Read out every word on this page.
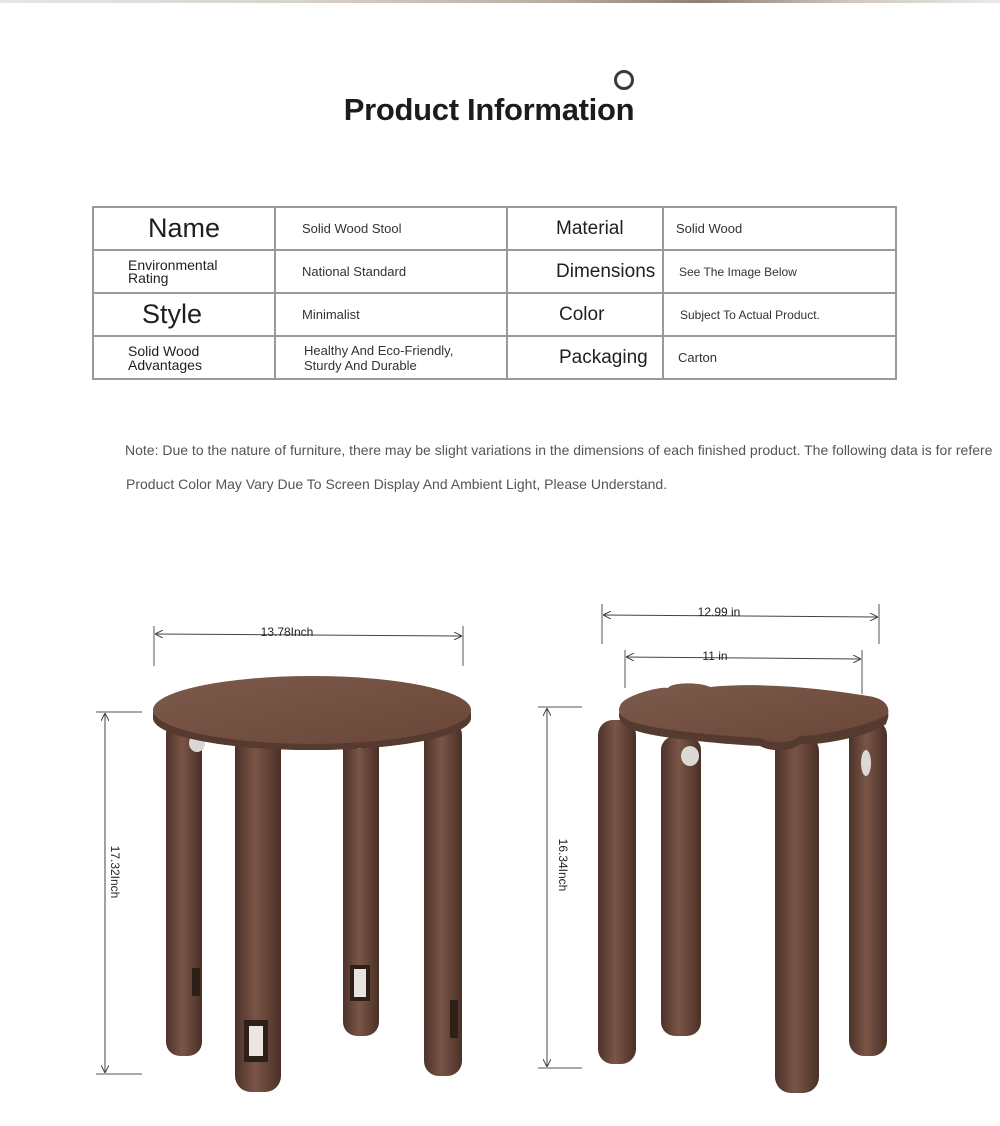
Product Information
Name	Solid Wood Stool	Material	Solid Wood
Environmental Rating	National Standard	Dimensions	See The Image Below
Style	Minimalist	Color	Subject To Actual Product.
Solid Wood Advantages	Healthy And Eco-Friendly, Sturdy And Durable	Packaging	Carton
Note: Due to the nature of furniture, there may be slight variations in the dimensions of each finished product. The following data is for refere
Product Color May Vary Due To Screen Display And Ambient Light, Please Understand.
13.78Inch
17.32Inch
12.99 in
11 in
16.34Inch
